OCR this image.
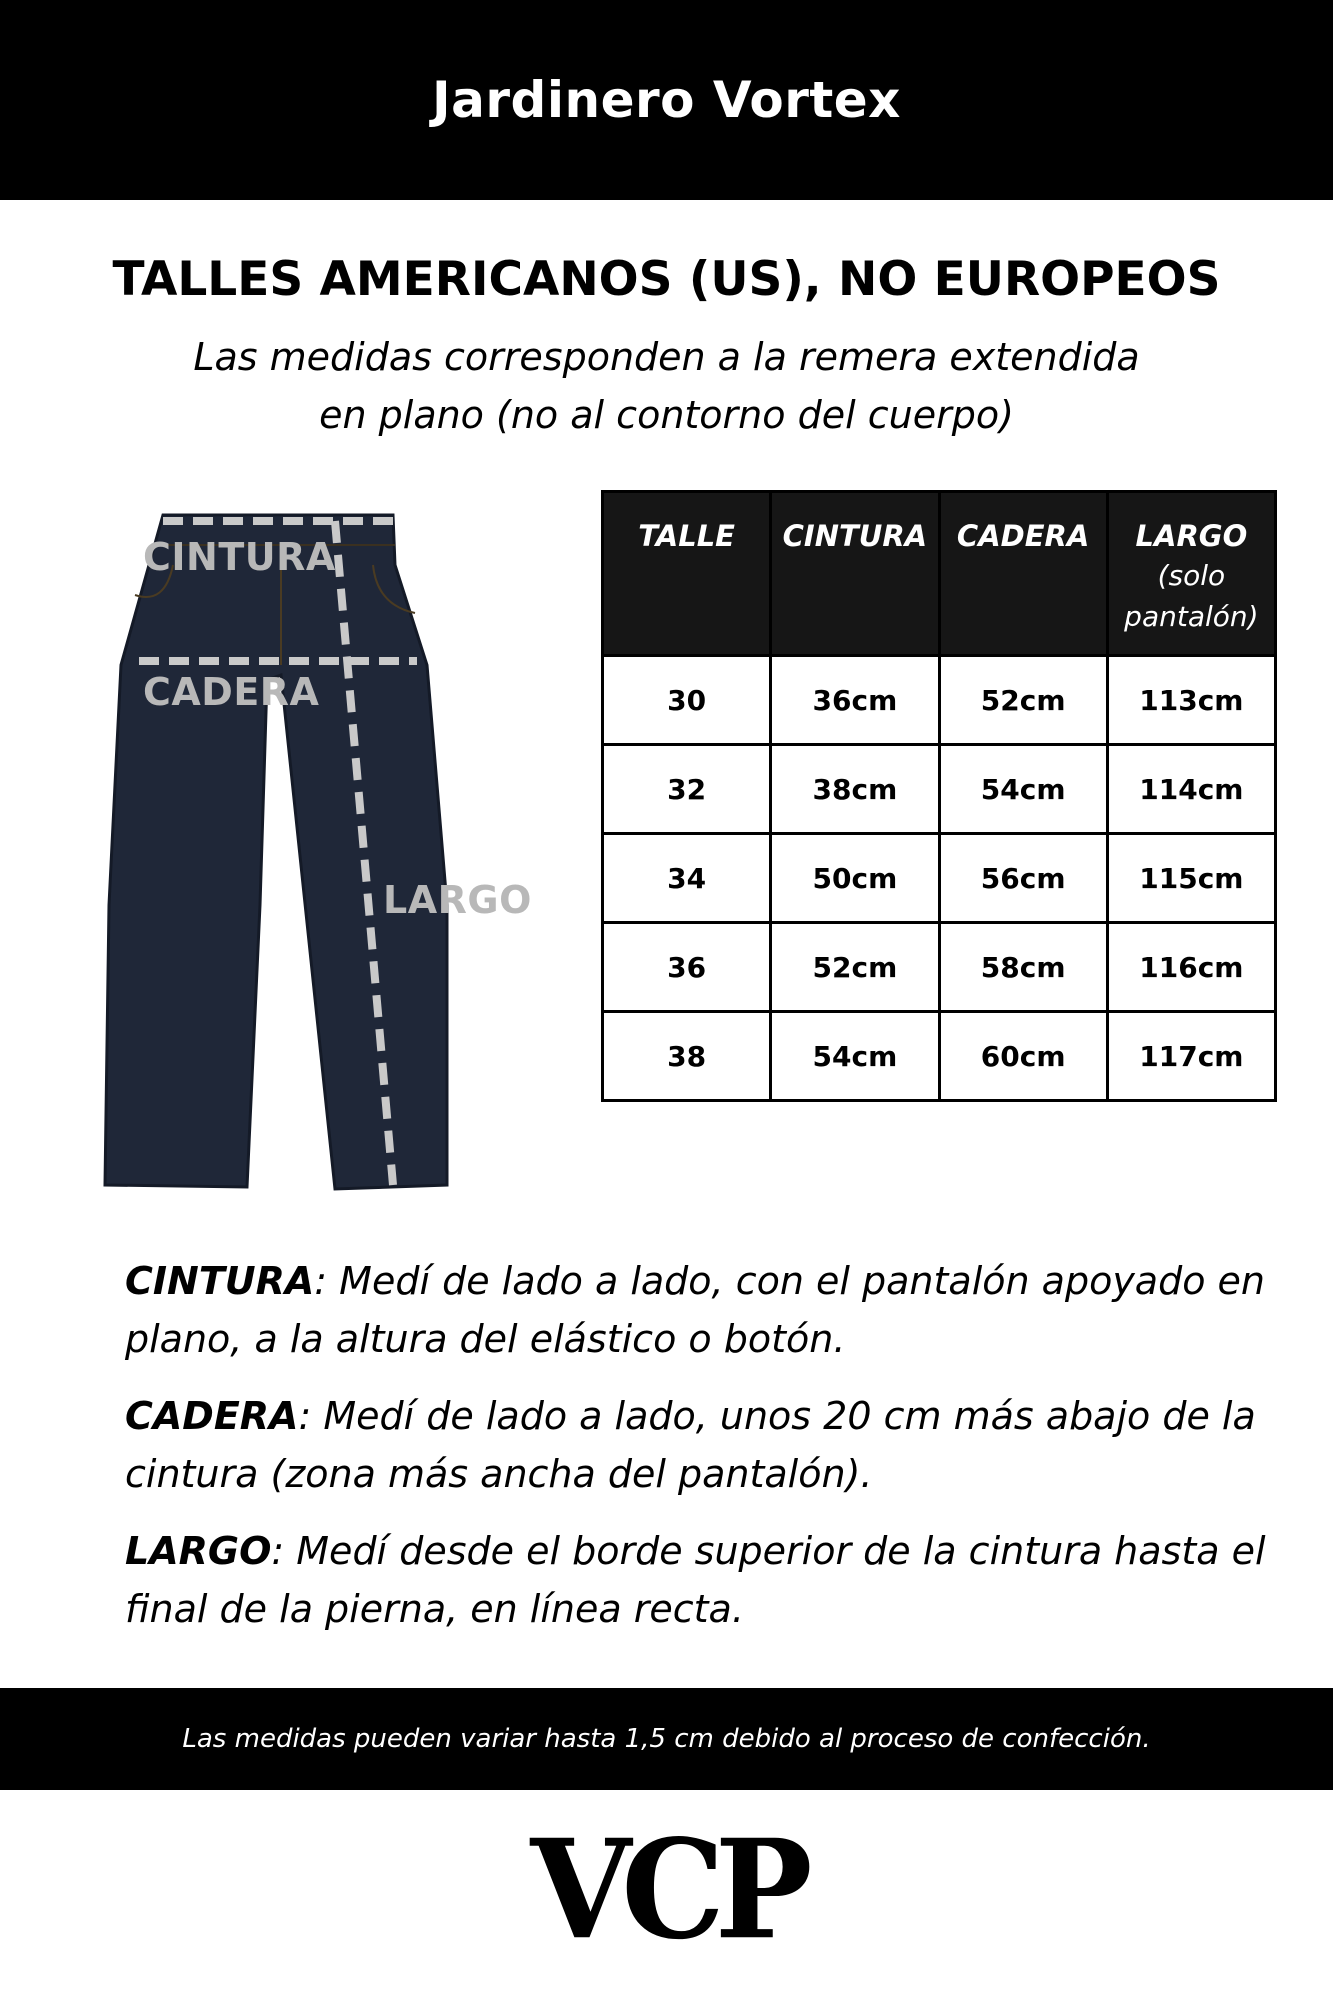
Jardinero Vortex
TALLES AMERICANOS (US), NO EUROPEOS

Las medidas corresponden a la remera extendida
en plano (no al contorno del cuerpo)

CINTURA
CADERA
LARGO
TALLE	CINTURA	CADERA	LARGO
(solo
pantalón)

30	36cm	52cm	113cm
32	38cm	54cm	114cm
34	50cm	56cm	115cm
36	52cm	58cm	116cm
38	54cm	60cm	117cm

CINTURA: Medí de lado a lado, con el pantalón apoyado en plano, a la altura del elástico o botón.

CADERA: Medí de lado a lado, unos 20 cm más abajo de la cintura (zona más ancha del pantalón).

LARGO: Medí desde el borde superior de la cintura hasta el final de la pierna, en línea recta.

Las medidas pueden variar hasta 1,5 cm debido al proceso de confección.

VCP
